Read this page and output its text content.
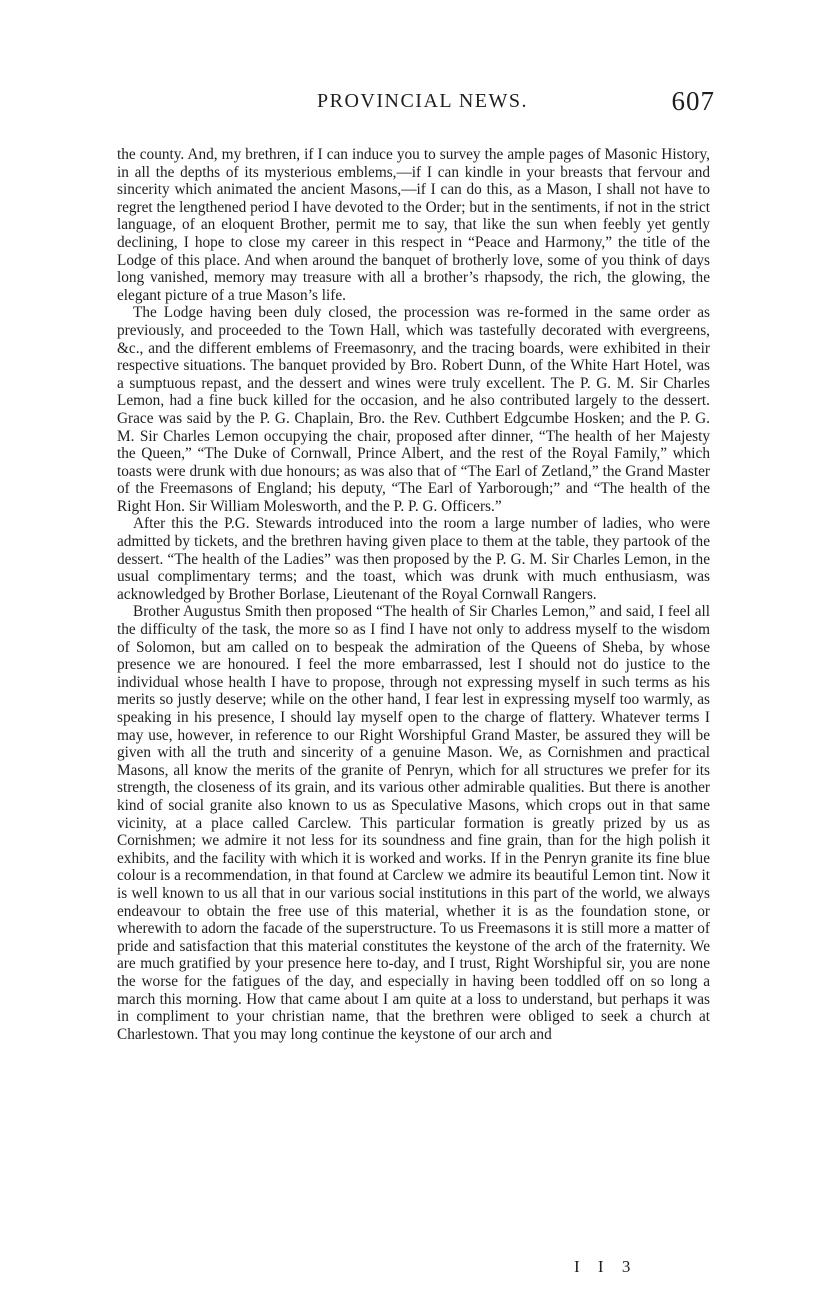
PROVINCIAL NEWS.	607

the county. And, my brethren, if I can induce you to survey the ample pages of Masonic History, in all the depths of its mysterious emblems,—if I can kindle in your breasts that fervour and sincerity which animated the ancient Masons,—if I can do this, as a Mason, I shall not have to regret the lengthened period I have devoted to the Order; but in the sentiments, if not in the strict language, of an eloquent Brother, permit me to say, that like the sun when feebly yet gently declining, I hope to close my career in this respect in “Peace and Harmony,” the title of the Lodge of this place. And when around the banquet of brotherly love, some of you think of days long vanished, memory may treasure with all a brother’s rhapsody, the rich, the glowing, the elegant picture of a true Mason’s life.

The Lodge having been duly closed, the procession was re-formed in the same order as previously, and proceeded to the Town Hall, which was tastefully decorated with evergreens, &c., and the different emblems of Freemasonry, and the tracing boards, were exhibited in their respective situations. The banquet provided by Bro. Robert Dunn, of the White Hart Hotel, was a sumptuous repast, and the dessert and wines were truly excellent. The P. G. M. Sir Charles Lemon, had a fine buck killed for the occasion, and he also contributed largely to the dessert. Grace was said by the P. G. Chaplain, Bro. the Rev. Cuthbert Edgcumbe Hosken; and the P. G. M. Sir Charles Lemon occupying the chair, proposed after dinner, “The health of her Majesty the Queen,” “The Duke of Cornwall, Prince Albert, and the rest of the Royal Family,” which toasts were drunk with due honours; as was also that of “The Earl of Zetland,” the Grand Master of the Freemasons of England; his deputy, “The Earl of Yarborough;” and “The health of the Right Hon. Sir William Molesworth, and the P. P. G. Officers.”

After this the P.G. Stewards introduced into the room a large number of ladies, who were admitted by tickets, and the brethren having given place to them at the table, they partook of the dessert. “The health of the Ladies” was then proposed by the P. G. M. Sir Charles Lemon, in the usual complimentary terms; and the toast, which was drunk with much enthusiasm, was acknowledged by Brother Borlase, Lieutenant of the Royal Cornwall Rangers.

Brother Augustus Smith then proposed “The health of Sir Charles Lemon,” and said, I feel all the difficulty of the task, the more so as I find I have not only to address myself to the wisdom of Solomon, but am called on to bespeak the admiration of the Queens of Sheba, by whose presence we are honoured. I feel the more embarrassed, lest I should not do justice to the individual whose health I have to propose, through not expressing myself in such terms as his merits so justly deserve; while on the other hand, I fear lest in expressing myself too warmly, as speaking in his presence, I should lay myself open to the charge of flattery. Whatever terms I may use, however, in reference to our Right Worshipful Grand Master, be assured they will be given with all the truth and sincerity of a genuine Mason. We, as Cornishmen and practical Masons, all know the merits of the granite of Penryn, which for all structures we prefer for its strength, the closeness of its grain, and its various other admirable qualities. But there is another kind of social granite also known to us as Speculative Masons, which crops out in that same vicinity, at a place called Carclew. This particular formation is greatly prized by us as Cornishmen; we admire it not less for its soundness and fine grain, than for the high polish it exhibits, and the facility with which it is worked and works. If in the Penryn granite its fine blue colour is a recommendation, in that found at Carclew we admire its beautiful Lemon tint. Now it is well known to us all that in our various social institutions in this part of the world, we always endeavour to obtain the free use of this material, whether it is as the foundation stone, or wherewith to adorn the facade of the superstructure. To us Freemasons it is still more a matter of pride and satisfaction that this material constitutes the keystone of the arch of the fraternity. We are much gratified by your presence here to-day, and I trust, Right Worshipful sir, you are none the worse for the fatigues of the day, and especially in having been toddled off on so long a march this morning. How that came about I am quite at a loss to understand, but perhaps it was in compliment to your christian name, that the brethren were obliged to seek a church at Charlestown. That you may long continue the keystone of our arch and

I I 3
